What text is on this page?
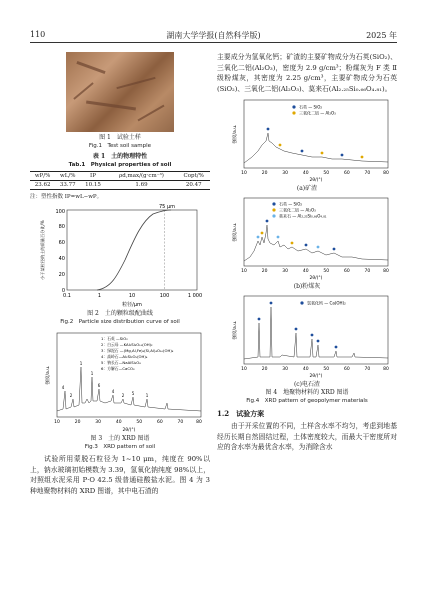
110	湖南大学学报(自然科学版)	2025 年
图 1　试验土样
Fig.1　Test soil sample
表 1　土的物理特性
Tab.1　Physical properties of soil
wP/%	wL/%	IP	ρd,max/(g·cm⁻³)	Copt/%
23.62	33.77	10.15	1.69	20.47
注：塑性指数 IP=wL−wP。
75 μm
0.1	1	10	100	1 000
粒径/μm
0
20
40
60
80
100
小于某粒径的土的质量百分比/%
图 2　土的颗粒级配曲线
Fig.2　Particle size distribution curve of soil
4
2
1
1
6
4
2 5	1
1：石英 —SiO₂
2：白云母 —KAl₂Si₃O₁₀(OH)₂
3：绿泥石 —(Mg,Al,Fe)₆(Si,Al)₄O₁₀(OH)₈
4：高岭石—Al₂Si₂O₅(OH)₄
5：钠长石—NaAlSi₃O₈
6：方解石—CaCO₃
10	20	30	40	50	60	70	80
2θ/(°)
强度/a.u.
图 3　土的 XRD 图谱
Fig.3　XRD pattern of soil
试验所用蒙脱石粒径为 1~10 μm，纯度在 90%以上，钠水玻璃初始模数为 3.39，氢氧化钠纯度 98%以上，对照组水泥采用 P·O 42.5 级普通硅酸盐水泥。图 4 为 3 种地聚物材料的 XRD 图谱，其中电石渣的
主要成分为氢氧化钙；矿渣的主要矿物成分为石英(SiO₂)、三氧化二铝(Al₂O₃)，密度为 2.9 g/cm³；粉煤灰为 F 类 Ⅱ 级粉煤灰，其密度为 2.25 g/cm³，主要矿物成分为石英(SiO₂)、三氧化二铝(Al₂O₃)、莫来石(Al₂.₂₅Si₀.₆₆O₄.₈₁)。
石英 — SiO₂
三氧化二铝 — Al₂O₃
10	20	30	40	50	60	70	80
2θ/(°)
强度/a.u.
(a)矿渣
石英 — SiO₂
三氧化二铝 — Al₂O₃
莫来石 — Al₂.₂₅Si₀.₆₆O₄.₈₁
10	20	30	40	50	60	70	80
2θ/(°)
强度/a.u.
(b)粉煤灰
氢氧化钙 — Ca(OH)₂
10	20	30	40	50	60	70	80
2θ/(°)
强度/a.u.
(c)电石渣
图 4　地聚物材料的 XRD 图谱
Fig.4　XRD pattern of geopolymer materials
1.2　试验方案
由于开采位置的不同，土样含水率不均匀，考虑到地基经历长期自然固结过程，土体密度较大，而最大干密度所对应的含水率为最优含水率，为消除含水
